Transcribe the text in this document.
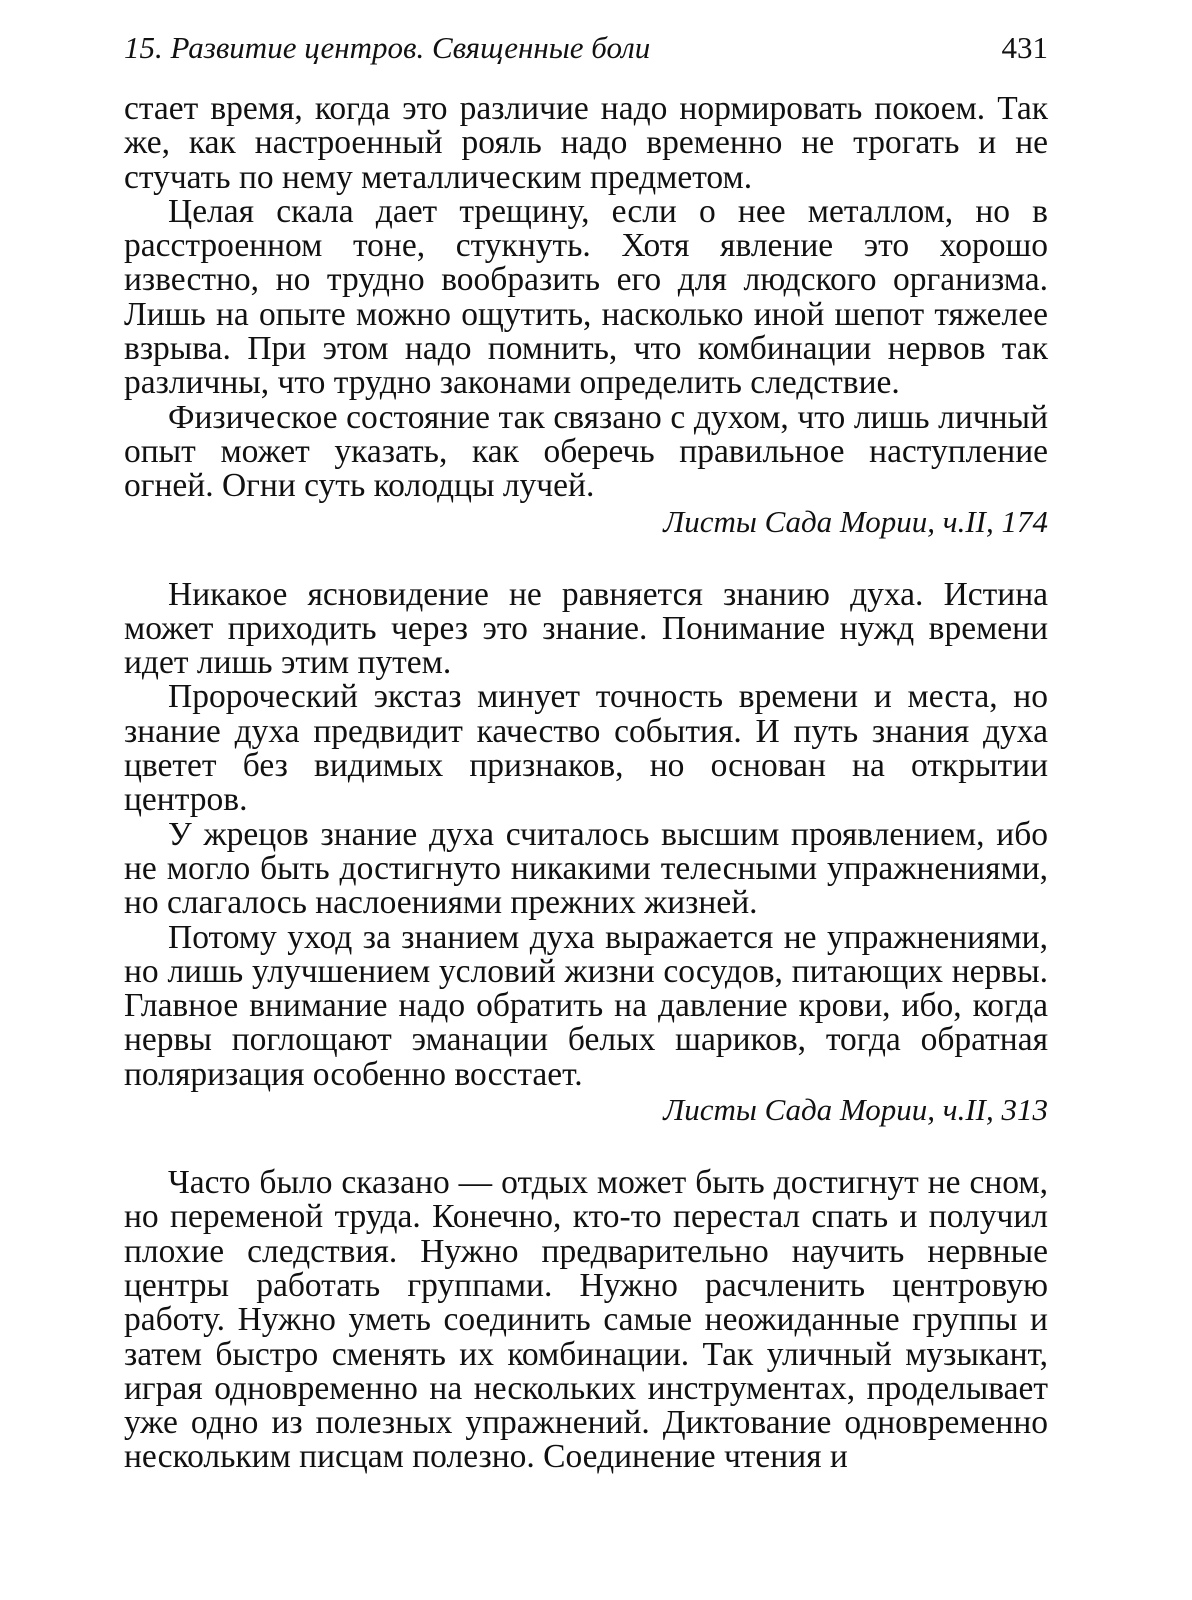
15. Развитие центров. Священные боли	431

стает время, когда это различие надо нормировать покоем. Так же, как настроенный рояль надо временно не трогать и не стучать по нему металлическим предметом.

Целая скала дает трещину, если о нее металлом, но в расстроенном тоне, стукнуть. Хотя явление это хорошо известно, но трудно вообразить его для людского организма. Лишь на опыте можно ощутить, насколько иной шепот тяжелее взрыва. При этом надо помнить, что комбинации нервов так различны, что трудно законами определить следствие.

Физическое состояние так связано с духом, что лишь личный опыт может указать, как оберечь правильное наступление огней. Огни суть колодцы лучей.

Листы Сада Мории, ч.II, 174

Никакое ясновидение не равняется знанию духа. Истина может приходить через это знание. Понимание нужд времени идет лишь этим путем.

Пророческий экстаз минует точность времени и места, но знание духа предвидит качество события. И путь знания духа цветет без видимых признаков, но основан на открытии центров.

У жрецов знание духа считалось высшим проявлением, ибо не могло быть достигнуто никакими телесными упражнениями, но слагалось наслоениями прежних жизней.

Потому уход за знанием духа выражается не упражнениями, но лишь улучшением условий жизни сосудов, питающих нервы. Главное внимание надо обратить на давление крови, ибо, когда нервы поглощают эманации белых шариков, тогда обратная поляризация особенно восстает.

Листы Сада Мории, ч.II, 313

Часто было сказано — отдых может быть достигнут не сном, но переменой труда. Конечно, кто-то перестал спать и получил плохие следствия. Нужно предварительно научить нервные центры работать группами. Нужно расчленить центровую работу. Нужно уметь соединить самые неожиданные группы и затем быстро сменять их комбинации. Так уличный музыкант, играя одновременно на нескольких инструментах, проделывает уже одно из полезных упражнений. Диктование одновременно нескольким писцам полезно. Соединение чтения и
